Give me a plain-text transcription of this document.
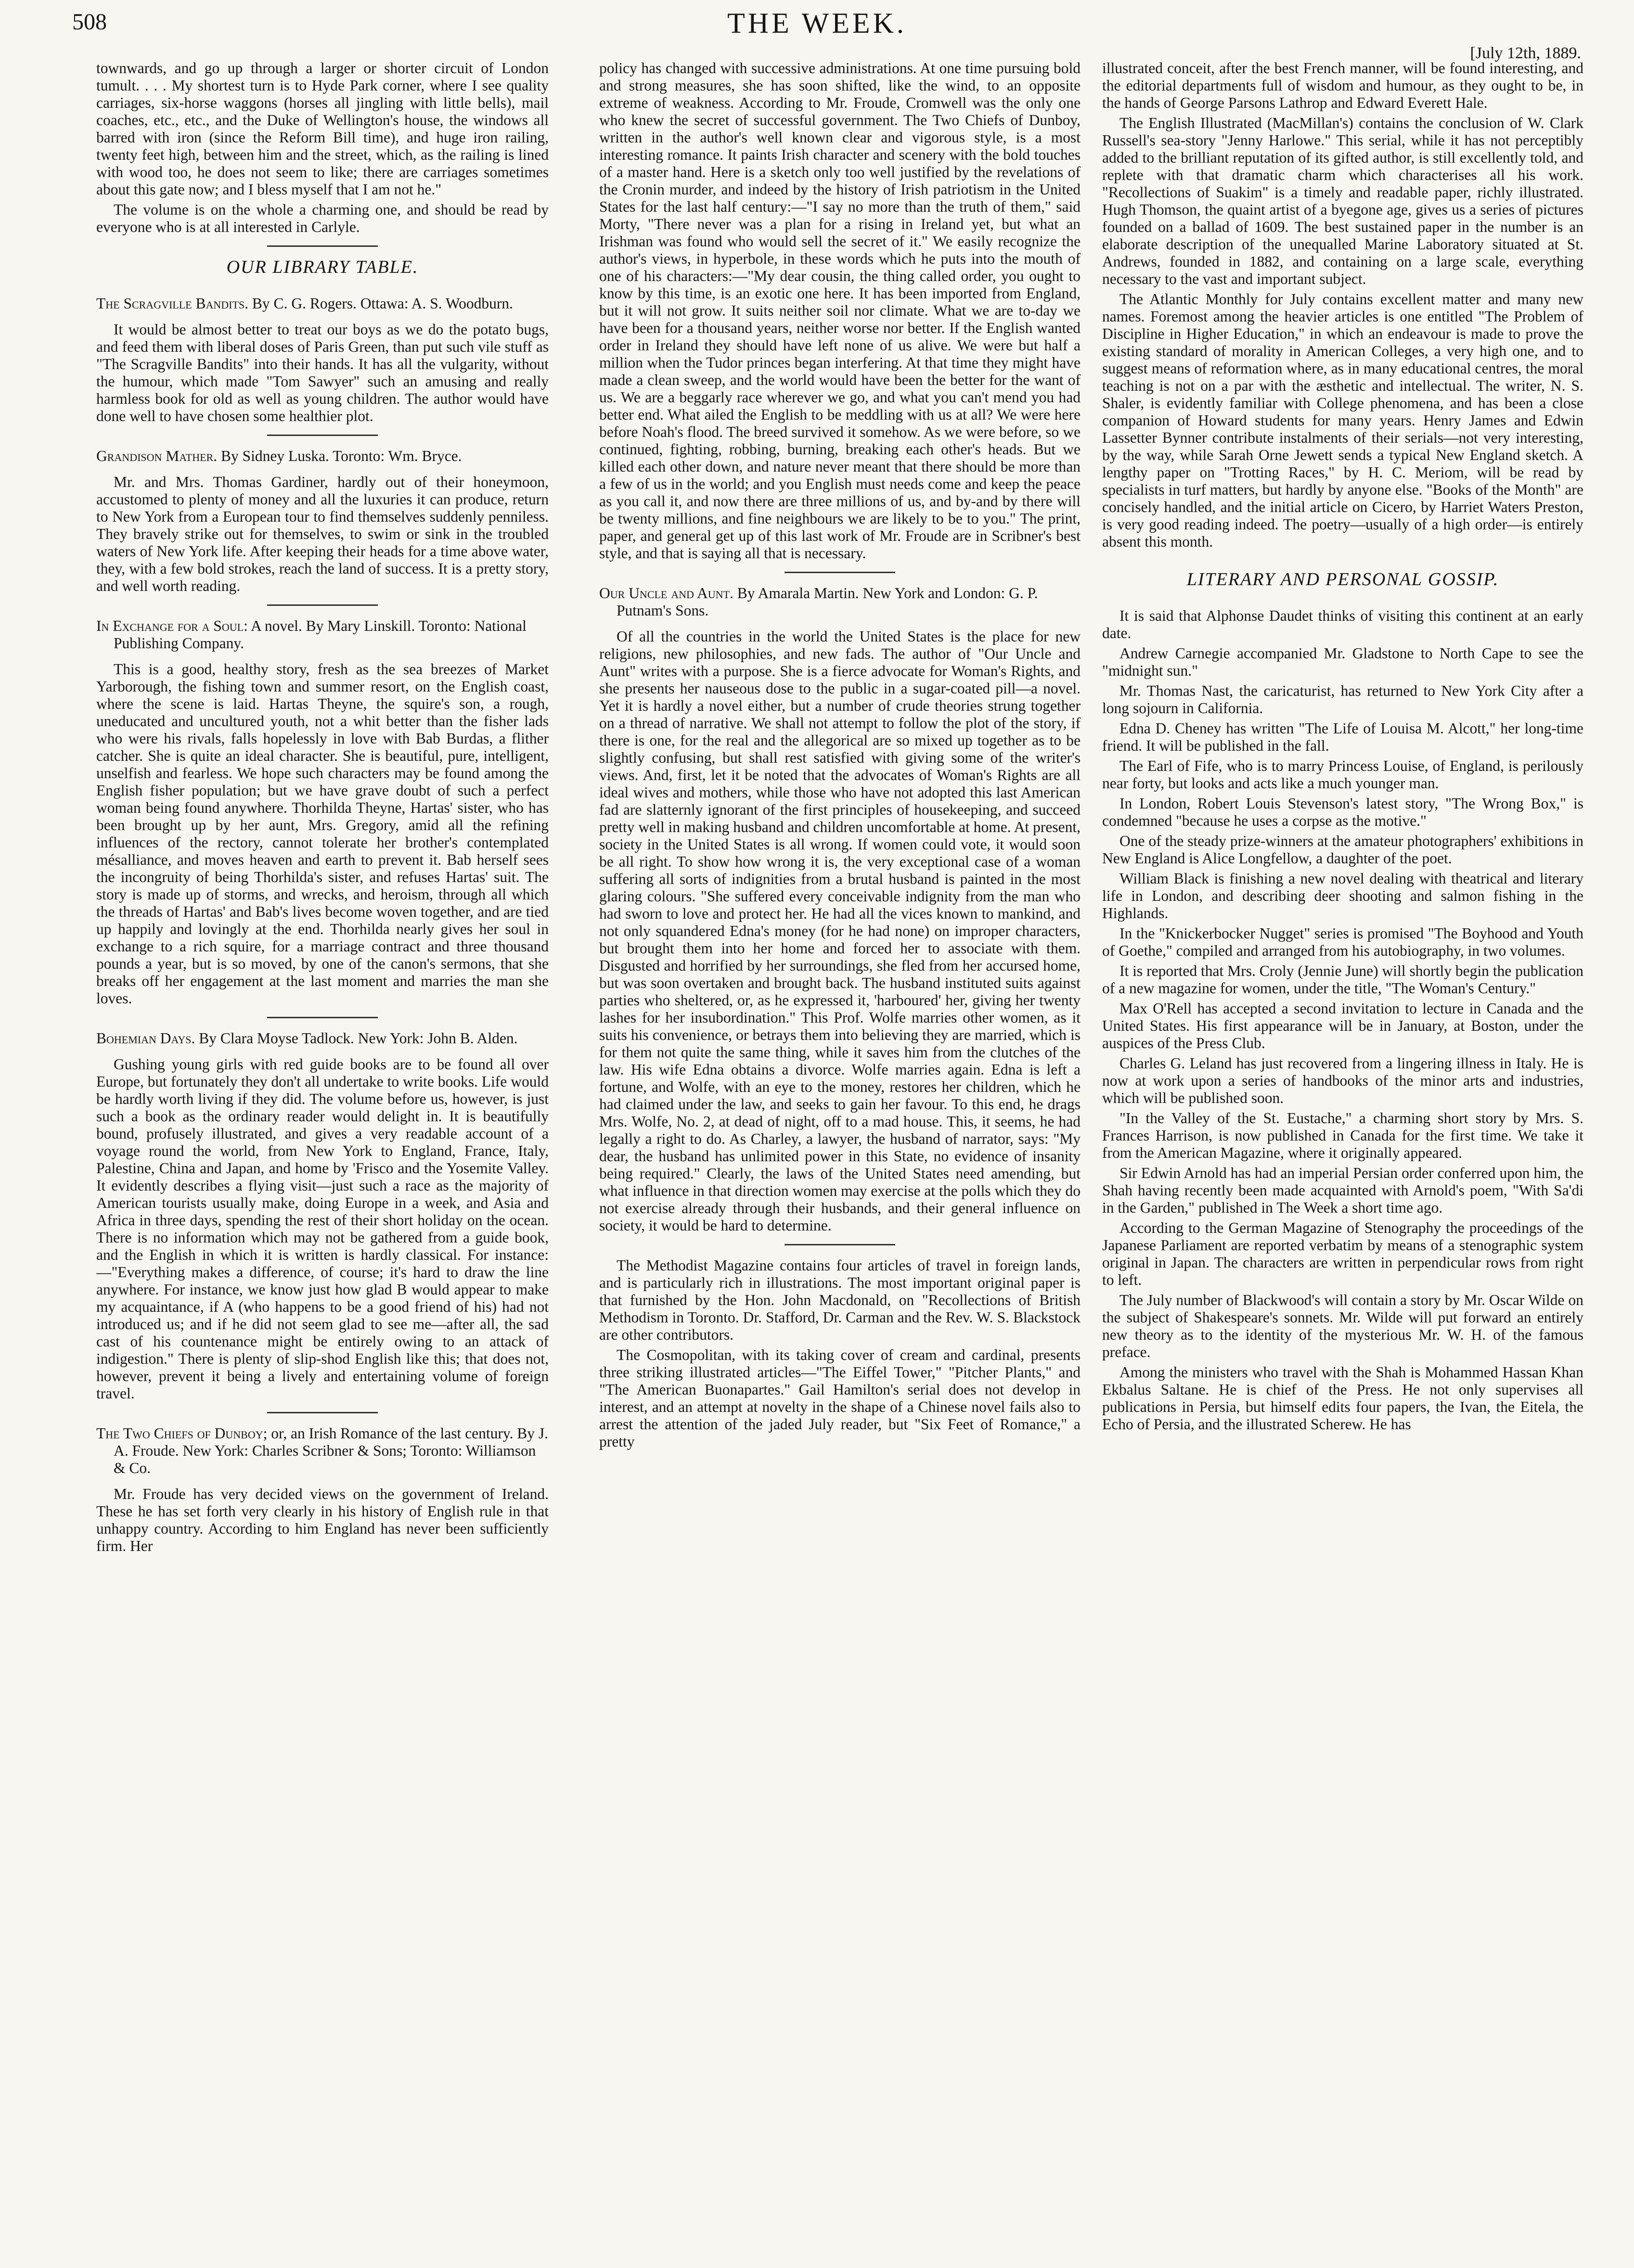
508	THE WEEK.
[July 12th, 1889.

townwards, and go up through a larger or shorter circuit of London tumult. . . . My shortest turn is to Hyde Park corner, where I see quality carriages, six-horse waggons (horses all jingling with little bells), mail coaches, etc., etc., and the Duke of Wellington's house, the windows all barred with iron (since the Reform Bill time), and huge iron railing, twenty feet high, between him and the street, which, as the railing is lined with wood too, he does not seem to like; there are carriages sometimes about this gate now; and I bless myself that I am not he."

The volume is on the whole a charming one, and should be read by everyone who is at all interested in Carlyle.

OUR LIBRARY TABLE.
The Scragville Bandits. By C. G. Rogers. Ottawa: A. S. Woodburn.

It would be almost better to treat our boys as we do the potato bugs, and feed them with liberal doses of Paris Green, than put such vile stuff as "The Scragville Bandits" into their hands. It has all the vulgarity, without the humour, which made "Tom Sawyer" such an amusing and really harmless book for old as well as young children. The author would have done well to have chosen some healthier plot.

Grandison Mather. By Sidney Luska. Toronto: Wm. Bryce.

Mr. and Mrs. Thomas Gardiner, hardly out of their honeymoon, accustomed to plenty of money and all the luxuries it can produce, return to New York from a European tour to find themselves suddenly penniless. They bravely strike out for themselves, to swim or sink in the troubled waters of New York life. After keeping their heads for a time above water, they, with a few bold strokes, reach the land of success. It is a pretty story, and well worth reading.

In Exchange for a Soul: A novel. By Mary Linskill. Toronto: National Publishing Company.

This is a good, healthy story, fresh as the sea breezes of Market Yarborough, the fishing town and summer resort, on the English coast, where the scene is laid. Hartas Theyne, the squire's son, a rough, uneducated and uncultured youth, not a whit better than the fisher lads who were his rivals, falls hopelessly in love with Bab Burdas, a flither catcher. She is quite an ideal character. She is beautiful, pure, intelligent, unselfish and fearless. We hope such characters may be found among the English fisher population; but we have grave doubt of such a perfect woman being found anywhere. Thorhilda Theyne, Hartas' sister, who has been brought up by her aunt, Mrs. Gregory, amid all the refining influences of the rectory, cannot tolerate her brother's contemplated mésalliance, and moves heaven and earth to prevent it. Bab herself sees the incongruity of being Thorhilda's sister, and refuses Hartas' suit. The story is made up of storms, and wrecks, and heroism, through all which the threads of Hartas' and Bab's lives become woven together, and are tied up happily and lovingly at the end. Thorhilda nearly gives her soul in exchange to a rich squire, for a marriage contract and three thousand pounds a year, but is so moved, by one of the canon's sermons, that she breaks off her engagement at the last moment and marries the man she loves.

Bohemian Days. By Clara Moyse Tadlock. New York: John B. Alden.

Gushing young girls with red guide books are to be found all over Europe, but fortunately they don't all undertake to write books. Life would be hardly worth living if they did. The volume before us, however, is just such a book as the ordinary reader would delight in. It is beautifully bound, profusely illustrated, and gives a very readable account of a voyage round the world, from New York to England, France, Italy, Palestine, China and Japan, and home by 'Frisco and the Yosemite Valley. It evidently describes a flying visit—just such a race as the majority of American tourists usually make, doing Europe in a week, and Asia and Africa in three days, spending the rest of their short holiday on the ocean. There is no information which may not be gathered from a guide book, and the English in which it is written is hardly classical. For instance:—"Everything makes a difference, of course; it's hard to draw the line anywhere. For instance, we know just how glad B would appear to make my acquaintance, if A (who happens to be a good friend of his) had not introduced us; and if he did not seem glad to see me—after all, the sad cast of his countenance might be entirely owing to an attack of indigestion." There is plenty of slip-shod English like this; that does not, however, prevent it being a lively and entertaining volume of foreign travel.

The Two Chiefs of Dunboy; or, an Irish Romance of the last century. By J. A. Froude. New York: Charles Scribner & Sons; Toronto: Williamson & Co.

Mr. Froude has very decided views on the government of Ireland. These he has set forth very clearly in his history of English rule in that unhappy country. According to him England has never been sufficiently firm. Her

policy has changed with successive administrations. At one time pursuing bold and strong measures, she has soon shifted, like the wind, to an opposite extreme of weakness. According to Mr. Froude, Cromwell was the only one who knew the secret of successful government. The Two Chiefs of Dunboy, written in the author's well known clear and vigorous style, is a most interesting romance. It paints Irish character and scenery with the bold touches of a master hand. Here is a sketch only too well justified by the revelations of the Cronin murder, and indeed by the history of Irish patriotism in the United States for the last half century:—"I say no more than the truth of them," said Morty, "There never was a plan for a rising in Ireland yet, but what an Irishman was found who would sell the secret of it." We easily recognize the author's views, in hyperbole, in these words which he puts into the mouth of one of his characters:—"My dear cousin, the thing called order, you ought to know by this time, is an exotic one here. It has been imported from England, but it will not grow. It suits neither soil nor climate. What we are to-day we have been for a thousand years, neither worse nor better. If the English wanted order in Ireland they should have left none of us alive. We were but half a million when the Tudor princes began interfering. At that time they might have made a clean sweep, and the world would have been the better for the want of us. We are a beggarly race wherever we go, and what you can't mend you had better end. What ailed the English to be meddling with us at all? We were here before Noah's flood. The breed survived it somehow. As we were before, so we continued, fighting, robbing, burning, breaking each other's heads. But we killed each other down, and nature never meant that there should be more than a few of us in the world; and you English must needs come and keep the peace as you call it, and now there are three millions of us, and by-and by there will be twenty millions, and fine neighbours we are likely to be to you." The print, paper, and general get up of this last work of Mr. Froude are in Scribner's best style, and that is saying all that is necessary.

Our Uncle and Aunt. By Amarala Martin. New York and London: G. P. Putnam's Sons.

Of all the countries in the world the United States is the place for new religions, new philosophies, and new fads. The author of "Our Uncle and Aunt" writes with a purpose. She is a fierce advocate for Woman's Rights, and she presents her nauseous dose to the public in a sugar-coated pill—a novel. Yet it is hardly a novel either, but a number of crude theories strung together on a thread of narrative. We shall not attempt to follow the plot of the story, if there is one, for the real and the allegorical are so mixed up together as to be slightly confusing, but shall rest satisfied with giving some of the writer's views. And, first, let it be noted that the advocates of Woman's Rights are all ideal wives and mothers, while those who have not adopted this last American fad are slatternly ignorant of the first principles of housekeeping, and succeed pretty well in making husband and children uncomfortable at home. At present, society in the United States is all wrong. If women could vote, it would soon be all right. To show how wrong it is, the very exceptional case of a woman suffering all sorts of indignities from a brutal husband is painted in the most glaring colours. "She suffered every conceivable indignity from the man who had sworn to love and protect her. He had all the vices known to mankind, and not only squandered Edna's money (for he had none) on improper characters, but brought them into her home and forced her to associate with them. Disgusted and horrified by her surroundings, she fled from her accursed home, but was soon overtaken and brought back. The husband instituted suits against parties who sheltered, or, as he expressed it, 'harboured' her, giving her twenty lashes for her insubordination." This Prof. Wolfe marries other women, as it suits his convenience, or betrays them into believing they are married, which is for them not quite the same thing, while it saves him from the clutches of the law. His wife Edna obtains a divorce. Wolfe marries again. Edna is left a fortune, and Wolfe, with an eye to the money, restores her children, which he had claimed under the law, and seeks to gain her favour. To this end, he drags Mrs. Wolfe, No. 2, at dead of night, off to a mad house. This, it seems, he had legally a right to do. As Charley, a lawyer, the husband of narrator, says: "My dear, the husband has unlimited power in this State, no evidence of insanity being required." Clearly, the laws of the United States need amending, but what influence in that direction women may exercise at the polls which they do not exercise already through their husbands, and their general influence on society, it would be hard to determine.

The Methodist Magazine contains four articles of travel in foreign lands, and is particularly rich in illustrations. The most important original paper is that furnished by the Hon. John Macdonald, on "Recollections of British Methodism in Toronto. Dr. Stafford, Dr. Carman and the Rev. W. S. Blackstock are other contributors.

The Cosmopolitan, with its taking cover of cream and cardinal, presents three striking illustrated articles—"The Eiffel Tower," "Pitcher Plants," and "The American Buonapartes." Gail Hamilton's serial does not develop in interest, and an attempt at novelty in the shape of a Chinese novel fails also to arrest the attention of the jaded July reader, but "Six Feet of Romance," a pretty

illustrated conceit, after the best French manner, will be found interesting, and the editorial departments full of wisdom and humour, as they ought to be, in the hands of George Parsons Lathrop and Edward Everett Hale.

The English Illustrated (MacMillan's) contains the conclusion of W. Clark Russell's sea-story "Jenny Harlowe." This serial, while it has not perceptibly added to the brilliant reputation of its gifted author, is still excellently told, and replete with that dramatic charm which characterises all his work. "Recollections of Suakim" is a timely and readable paper, richly illustrated. Hugh Thomson, the quaint artist of a byegone age, gives us a series of pictures founded on a ballad of 1609. The best sustained paper in the number is an elaborate description of the unequalled Marine Laboratory situated at St. Andrews, founded in 1882, and containing on a large scale, everything necessary to the vast and important subject.

The Atlantic Monthly for July contains excellent matter and many new names. Foremost among the heavier articles is one entitled "The Problem of Discipline in Higher Education," in which an endeavour is made to prove the existing standard of morality in American Colleges, a very high one, and to suggest means of reformation where, as in many educational centres, the moral teaching is not on a par with the æsthetic and intellectual. The writer, N. S. Shaler, is evidently familiar with College phenomena, and has been a close companion of Howard students for many years. Henry James and Edwin Lassetter Bynner contribute instalments of their serials—not very interesting, by the way, while Sarah Orne Jewett sends a typical New England sketch. A lengthy paper on "Trotting Races," by H. C. Meriom, will be read by specialists in turf matters, but hardly by anyone else. "Books of the Month" are concisely handled, and the initial article on Cicero, by Harriet Waters Preston, is very good reading indeed. The poetry—usually of a high order—is entirely absent this month.

LITERARY AND PERSONAL GOSSIP.

It is said that Alphonse Daudet thinks of visiting this continent at an early date.

Andrew Carnegie accompanied Mr. Gladstone to North Cape to see the "midnight sun."

Mr. Thomas Nast, the caricaturist, has returned to New York City after a long sojourn in California.

Edna D. Cheney has written "The Life of Louisa M. Alcott," her long-time friend. It will be published in the fall.

The Earl of Fife, who is to marry Princess Louise, of England, is perilously near forty, but looks and acts like a much younger man.

In London, Robert Louis Stevenson's latest story, "The Wrong Box," is condemned "because he uses a corpse as the motive."

One of the steady prize-winners at the amateur photographers' exhibitions in New England is Alice Longfellow, a daughter of the poet.

William Black is finishing a new novel dealing with theatrical and literary life in London, and describing deer shooting and salmon fishing in the Highlands.

In the "Knickerbocker Nugget" series is promised "The Boyhood and Youth of Goethe," compiled and arranged from his autobiography, in two volumes.

It is reported that Mrs. Croly (Jennie June) will shortly begin the publication of a new magazine for women, under the title, "The Woman's Century."

Max O'Rell has accepted a second invitation to lecture in Canada and the United States. His first appearance will be in January, at Boston, under the auspices of the Press Club.

Charles G. Leland has just recovered from a lingering illness in Italy. He is now at work upon a series of handbooks of the minor arts and industries, which will be published soon.

"In the Valley of the St. Eustache," a charming short story by Mrs. S. Frances Harrison, is now published in Canada for the first time. We take it from the American Magazine, where it originally appeared.

Sir Edwin Arnold has had an imperial Persian order conferred upon him, the Shah having recently been made acquainted with Arnold's poem, "With Sa'di in the Garden," published in The Week a short time ago.

According to the German Magazine of Stenography the proceedings of the Japanese Parliament are reported verbatim by means of a stenographic system original in Japan. The characters are written in perpendicular rows from right to left.

The July number of Blackwood's will contain a story by Mr. Oscar Wilde on the subject of Shakespeare's sonnets. Mr. Wilde will put forward an entirely new theory as to the identity of the mysterious Mr. W. H. of the famous preface.

Among the ministers who travel with the Shah is Mohammed Hassan Khan Ekbalus Saltane. He is chief of the Press. He not only supervises all publications in Persia, but himself edits four papers, the Ivan, the Eitela, the Echo of Persia, and the illustrated Scherew. He has
